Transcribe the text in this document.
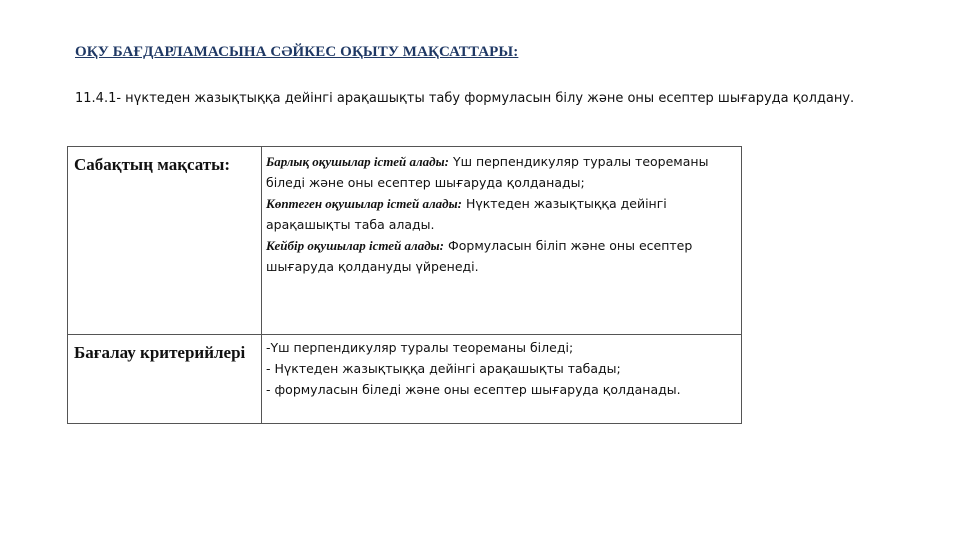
ОҚУ БАҒДАРЛАМАСЫНА СӘЙКЕС ОҚЫТУ МАҚСАТТАРЫ:
11.4.1- нүктеден жазықтыққа дейінгі арақашықты табу формуласын білу және оны есептер шығаруда қолдану.
Сабақтың мақсаты:	Барлық оқушылар істей алады: Үш перпендикуляр туралы теореманы біледі және оны есептер шығаруда қолданады;

Көптеген оқушылар істей алады: Нүктеден жазықтыққа дейінгі арақашықты таба алады.

Кейбір оқушылар істей алады: Формуласын біліп және оны есептер шығаруда қолдануды үйренеді.

Бағалау критерийлері	-Үш перпендикуляр туралы теореманы біледі;

- Нүктеден жазықтыққа дейінгі арақашықты табады;

- формуласын біледі және оны есептер шығаруда қолданады.
